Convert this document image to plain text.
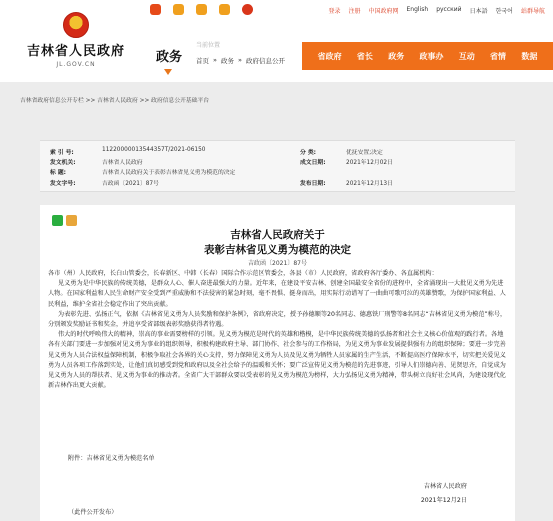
登录 注册 中国政府网 English русский 日本語 한국어 站群导航
吉林省人民政府
JL.GOV.CN	政务
当前位置
首页 » 政务 » 政府信息公开
省政府 省长 政务 政事办 互动 省情 数据
吉林省政府信息公开专栏 >> 吉林省人民政府 >> 政府信息公开基础平台
索 引 号:	11220000013544357T/2021-06150	分 类:	优抚安置;决定
发文机关:	吉林省人民政府	成文日期:	2021年12月02日
标 题:	吉林省人民政府关于表彰吉林省见义勇为模范的决定
发文字号:	吉政函〔2021〕87号	发布日期:	2021年12月13日
吉林省人民政府关于
表彰吉林省见义勇为模范的决定
吉政函〔2021〕87号

各市（州）人民政府，长白山管委会，长春新区、中韩（长春）国际合作示范区管委会，各县（市）人民政府，省政府各厅委办、各直属机构：

见义勇为是中华民族的传统美德，是群众人心、催人奋进最强大的力量。近年来，在建设平安吉林、创建全国最安全省份的进程中，全省涌现出一大批见义勇为先进人物。在国家利益和人民生命财产安全受到严重威胁和不法侵害的紧急时刻，毫不畏惧、挺身而出，用实际行动谱写了一曲曲可歌可泣的英雄赞歌，为保护国家利益、人民利益，维护全省社会稳定作出了突出贡献。

为表彰先进、弘扬正气，依据《吉林省见义勇为人员奖励和保护条例》，省政府决定，授予孙德顺等20名同志、德惠铁厂刑警等8名同志“吉林省见义勇为模范”称号，分别颁发奖励证书和奖金，并追享受省部级表彰奖励获得者待遇。

伟大的时代呼唤伟大的精神，崇高的事业需要榜样的引领。见义勇为模范是时代的英雄和楷模，是中华民族传统美德的弘扬者和社会主义核心价值观的践行者。各地各有关部门要进一步加强对见义勇为事业的组织领导，积极构建政府主导、部门协作、社会参与的工作格局，为见义勇为事业发展提供强有力的组织保障；要进一步完善见义勇为人员合法权益保障机制，积极争取社会各界的关心支持，努力保障见义勇为人员及见义勇为牺牲人员家属的生产生活，不断提高医疗保障水平，切实把关爱见义勇为人员各项工作落到实处，让他们真切感受到党和政府以及全社会给予的温暖和关怀；要广泛宣传见义勇为模范的先进事迹，引导人们崇德向善、见贤思齐，自觉成为见义勇为人员的帮扶者、见义勇为事业的推动者。全省广大干部群众要以受表彰的见义勇为模范为榜样，大力弘扬见义勇为精神，带头树立良好社会风尚，为建设现代化新吉林作出更大贡献。

附件：吉林省见义勇为模范名单
吉林省人民政府
2021年12月2日
（此件公开发布）
